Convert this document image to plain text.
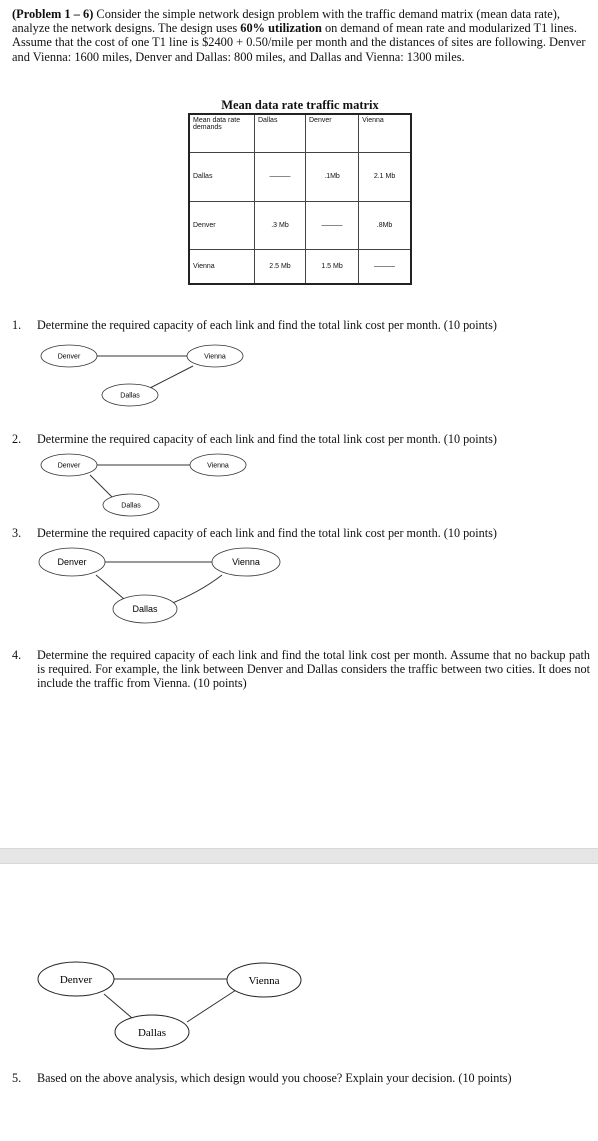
(Problem 1 – 6) Consider the simple network design problem with the traffic demand matrix (mean data rate), analyze the network designs. The design uses 60% utilization on demand of mean rate and modularized T1 lines. Assume that the cost of one T1 line is $2400 + 0.50/mile per month and the distances of sites are following. Denver and Vienna: 1600 miles, Denver and Dallas: 800 miles, and Dallas and Vienna: 1300 miles.

Mean data rate traffic matrix
Mean data rate demands	Dallas	Denver	Vienna
Dallas	———	.1Mb	2.1 Mb
Denver	.3 Mb	———	.8Mb
Vienna	2.5 Mb	1.5 Mb	———
1. Determine the required capacity of each link and find the total link cost per month. (10 points)
Denver	Vienna
Dallas
2. Determine the required capacity of each link and find the total link cost per month. (10 points)
Denver	Vienna
Dallas
3. Determine the required capacity of each link and find the total link cost per month. (10 points)
Denver	Vienna
Dallas
4. Determine the required capacity of each link and find the total link cost per month. Assume that no backup path is required. For example, the link between Denver and Dallas considers the traffic between two cities. It does not include the traffic from Vienna. (10 points)
Denver	Vienna
Dallas
5. Based on the above analysis, which design would you choose? Explain your decision. (10 points)
